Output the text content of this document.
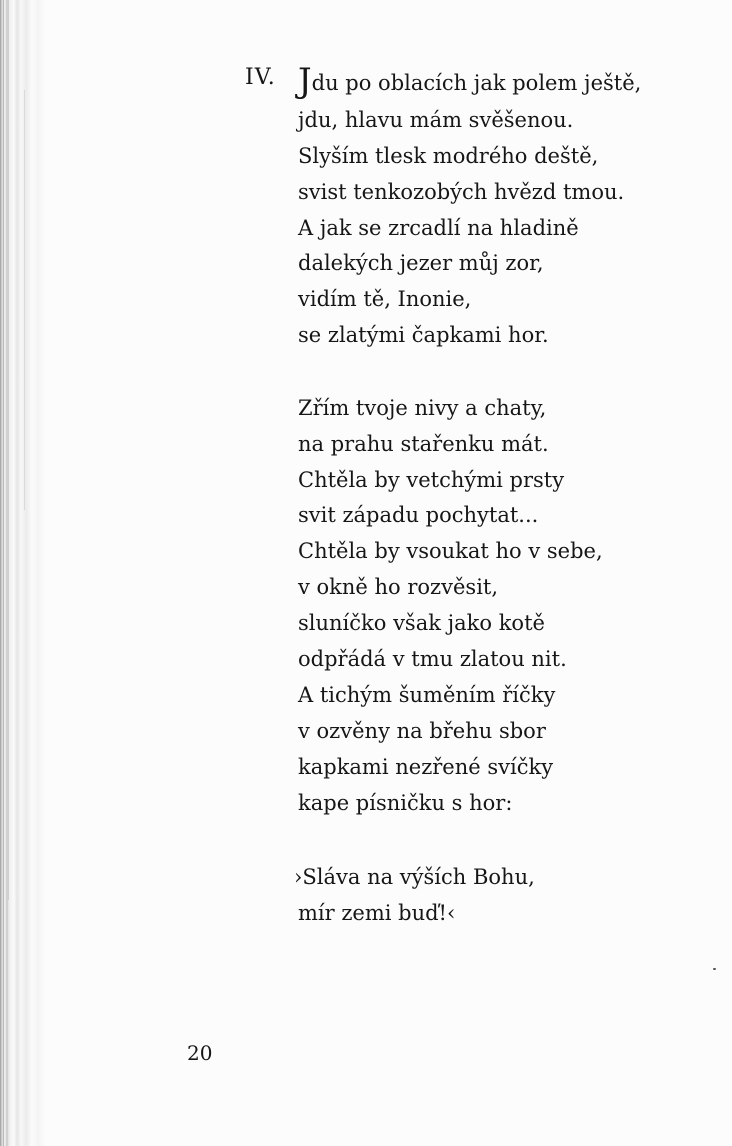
IV. Jdu po oblacích jak polem ještě,
jdu, hlavu mám svěšenou.
Slyším tlesk modrého deště,
svist tenkozobých hvězd tmou.
A jak se zrcadlí na hladině
dalekých jezer můj zor,
vidím tě, Inonie,
se zlatými čapkami hor.
Zřím tvoje nivy a chaty,
na prahu stařenku mát.
Chtěla by vetchými prsty
svit západu pochytat...
Chtěla by vsoukat ho v sebe,
v okně ho rozvěsit,
sluníčko však jako kotě
odpřádá v tmu zlatou nit.
A tichým šuměním říčky
v ozvěny na břehu sbor
kapkami nezřené svíčky
kape písničku s hor:
›Sláva na výších Bohu,
mír zemi buď!‹
20
